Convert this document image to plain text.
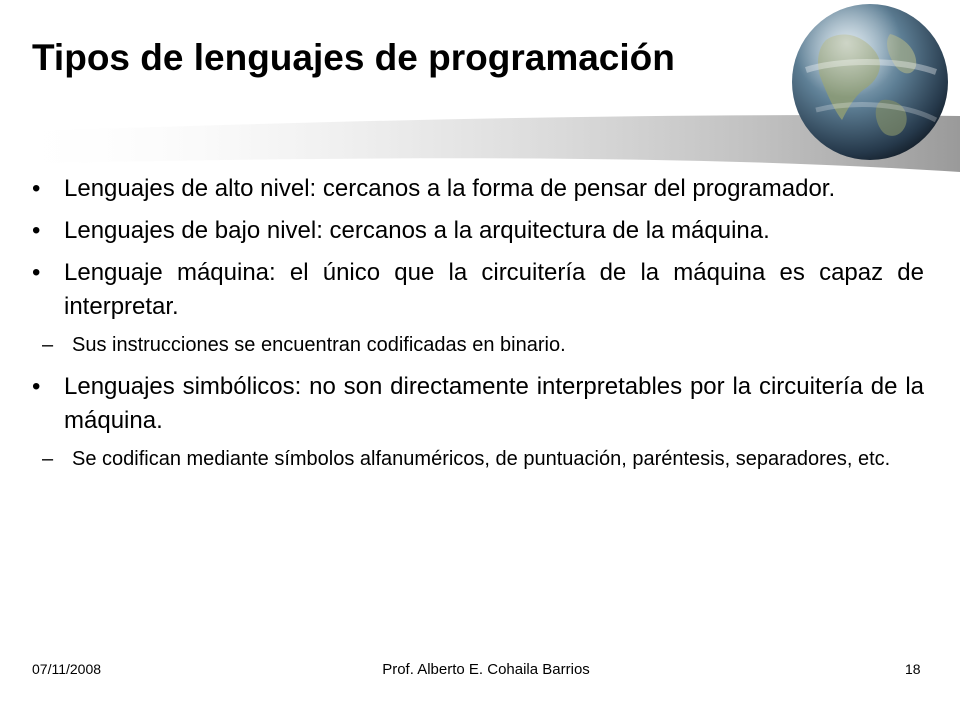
Tipos de lenguajes de programación
• Lenguajes de alto nivel: cercanos a la forma de pensar del programador.
• Lenguajes de bajo nivel: cercanos a la arquitectura de la máquina.
• Lenguaje máquina: el único que la circuitería de la máquina es capaz de interpretar.
– Sus instrucciones se encuentran codificadas en binario.
• Lenguajes simbólicos: no son directamente interpretables por la circuitería de la máquina.
– Se codifican mediante símbolos alfanuméricos, de puntuación, paréntesis, separadores, etc.
07/11/2008	Prof. Alberto E. Cohaila Barrios	18
